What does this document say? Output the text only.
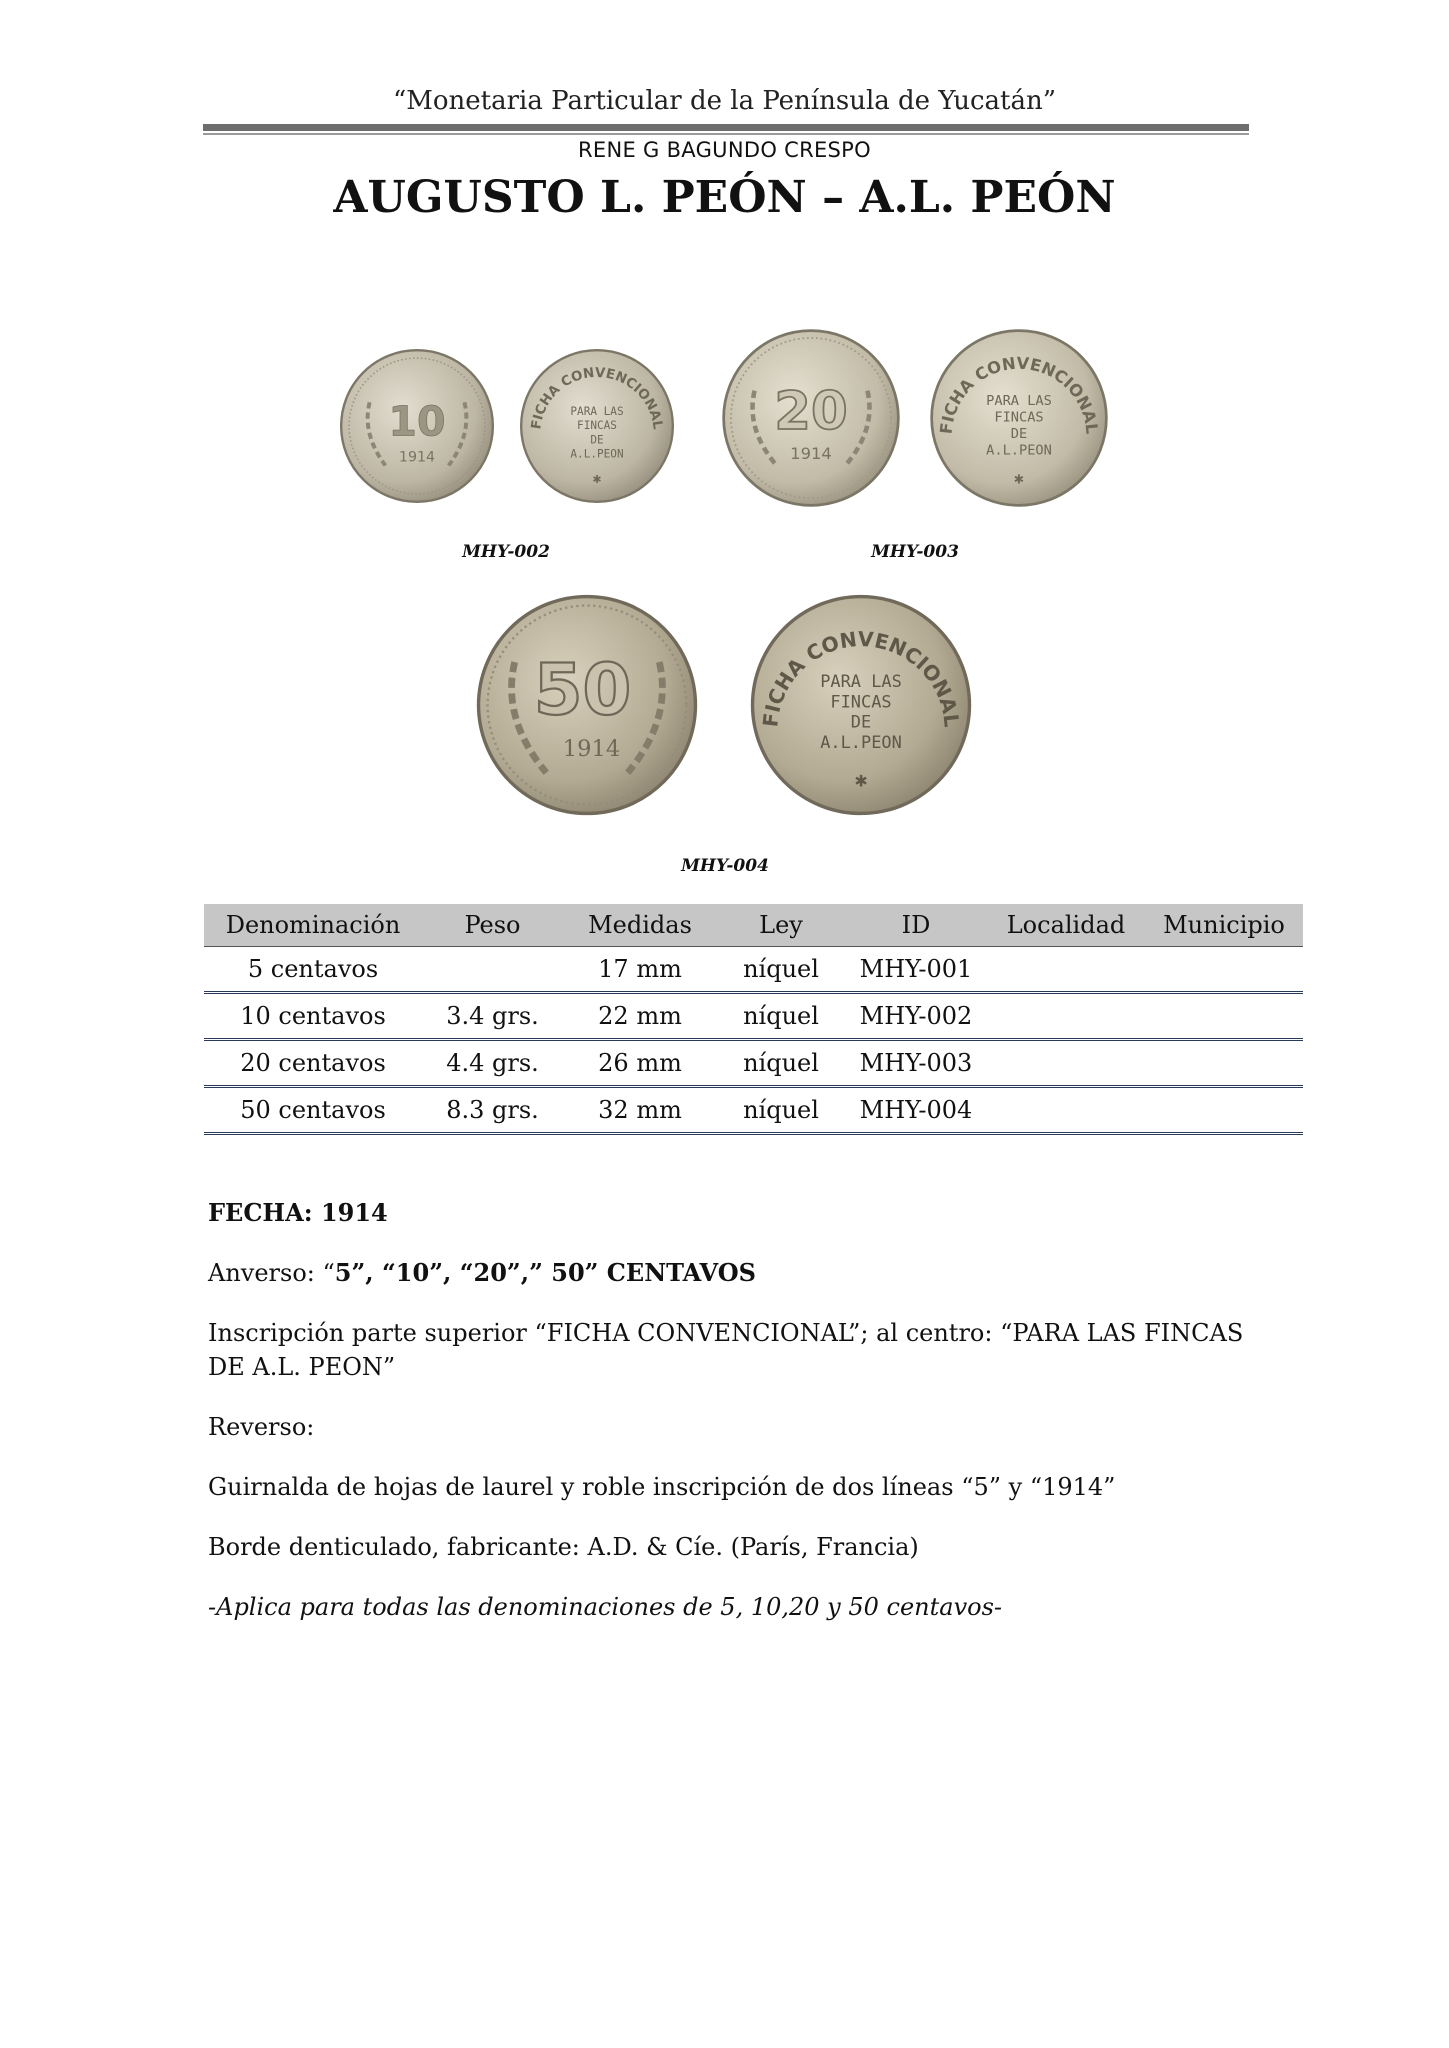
“Monetaria Particular de la Península de Yucatán”
RENE G BAGUNDO CRESPO
AUGUSTO L. PEÓN – A.L. PEÓN
10
1914
FICHA CONVENCIONAL
PARA LAS
FINCAS
DE
A.L.PEON
✱
20
1914
FICHA CONVENCIONAL
PARA LAS
FINCAS
DE
A.L.PEON
✱
MHY-002	MHY-003
50
1914
FICHA CONVENCIONAL
PARA LAS
FINCAS
DE
A.L.PEON
✱
MHY-004
Denominación	Peso	Medidas	Ley	ID	Localidad	Municipio
5 centavos		17 mm	níquel	MHY-001		
10 centavos	3.4 grs.	22 mm	níquel	MHY-002		
20 centavos	4.4 grs.	26 mm	níquel	MHY-003		
50 centavos	8.3 grs.	32 mm	níquel	MHY-004		
FECHA: 1914
Anverso: “5”, “10”, “20”,” 50” CENTAVOS
Inscripción parte superior “FICHA CONVENCIONAL”; al centro: “PARA LAS FINCAS DE A.L. PEON”
Reverso:
Guirnalda de hojas de laurel y roble inscripción de dos líneas “5” y “1914”
Borde denticulado, fabricante: A.D. & Cíe. (París, Francia)
-Aplica para todas las denominaciones de 5, 10,20 y 50 centavos-
